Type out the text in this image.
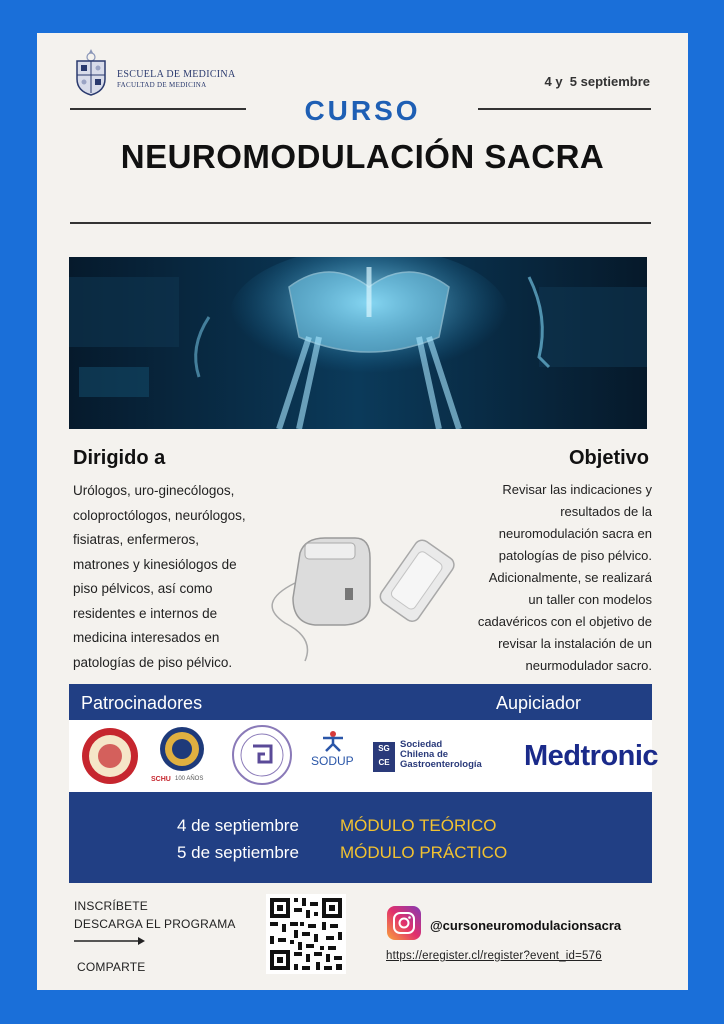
ESCUELA DE MEDICINA
FACULTAD DE MEDICINA	4 y  5 septiembre
CURSO
NEUROMODULACIÓN SACRA
Dirigido a
Urólogos, uro-ginecólogos,
coloproctólogos, neurólogos,
fisiatras, enfermeros,
matrones y kinesiólogos de
piso pélvicos, así como
residentes e internos de
medicina interesados en
patologías de piso pélvico.
Objetivo
Revisar las indicaciones y
resultados de la
neuromodulación sacra en
patologías de piso pélvico.
Adicionalmente, se realizará
un taller con modelos
cadavéricos con el objetivo de
revisar la instalación de un
neurmodulador sacro.
Patrocinadores	Aupiciador
SCHU 100 AÑOS
SODUP
SG
CE
Sociedad
Chilena de
Gastroenterología Medtronic
4 de septiembre MÓDULO TEÓRICO
5 de septiembre MÓDULO PRÁCTICO
INSCRÍBETE
DESCARGA EL PROGRAMA
COMPARTE
@cursoneuromodulacionsacra
https://eregister.cl/register?event_id=576
